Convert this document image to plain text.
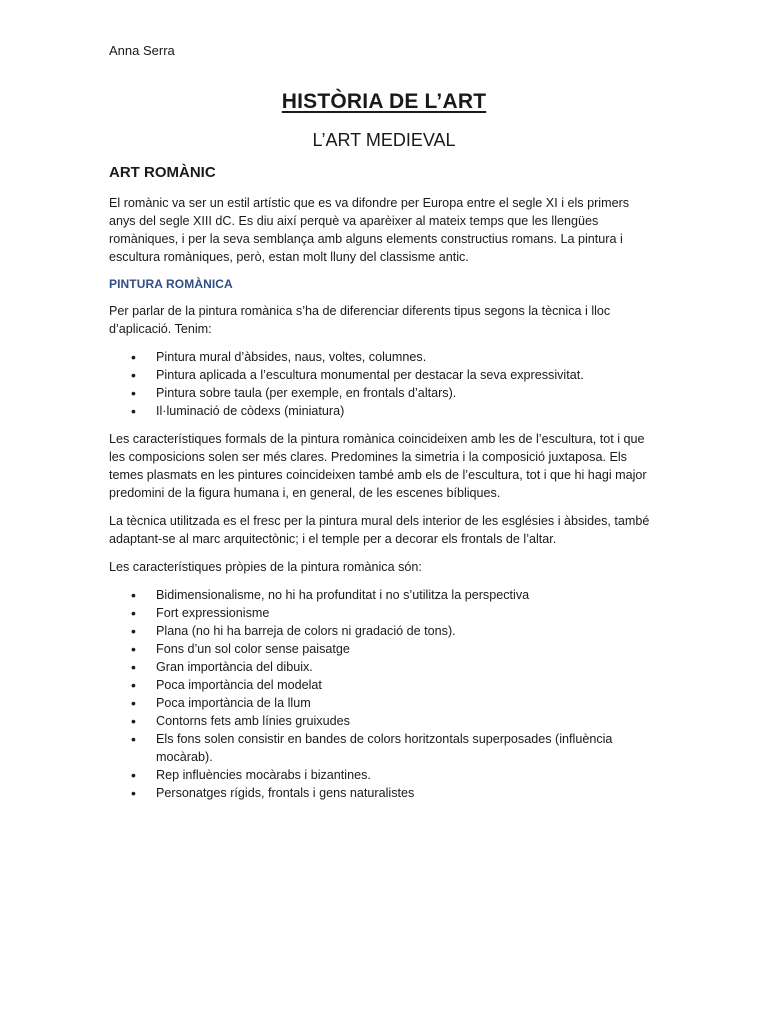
Anna Serra
HISTÒRIA DE L’ART
L’ART MEDIEVAL
ART ROMÀNIC

El romànic va ser un estil artístic que es va difondre per Europa entre el segle XI i els primers anys del segle XIII dC. Es diu així perquè va aparèixer al mateix temps que les llengües romàniques, i per la seva semblança amb alguns elements constructius romans. La pintura i escultura romàniques, però, estan molt lluny del classisme antic.

PINTURA ROMÀNICA

Per parlar de la pintura romànica s’ha de diferenciar diferents tipus segons la tècnica i lloc d’aplicació. Tenim:

• Pintura mural d’àbsides, naus, voltes, columnes.
• Pintura aplicada a l’escultura monumental per destacar la seva expressivitat.
• Pintura sobre taula (per exemple, en frontals d’altars).
• Il·luminació de còdexs (miniatura)

Les característiques formals de la pintura romànica coincideixen amb les de l’escultura, tot i que les composicions solen ser més clares. Predomines la simetria i la composició juxtaposa. Els temes plasmats en les pintures coincideixen també amb els de l’escultura, tot i que hi hagi major predomini de la figura humana i, en general, de les escenes bíbliques.

La tècnica utilitzada es el fresc per la pintura mural dels interior de les esglésies i àbsides, també adaptant-se al marc arquitectònic; i el temple per a decorar els frontals de l’altar.

Les característiques pròpies de la pintura romànica són:

• Bidimensionalisme, no hi ha profunditat i no s’utilitza la perspectiva
• Fort expressionisme
• Plana (no hi ha barreja de colors ni gradació de tons).
• Fons d’un sol color sense paisatge
• Gran importància del dibuix.
• Poca importància del modelat
• Poca importància de la llum
• Contorns fets amb línies gruixudes
• Els fons solen consistir en bandes de colors horitzontals superposades (influència mocàrab).
• Rep influències mocàrabs i bizantines.
• Personatges rígids, frontals i gens naturalistes
